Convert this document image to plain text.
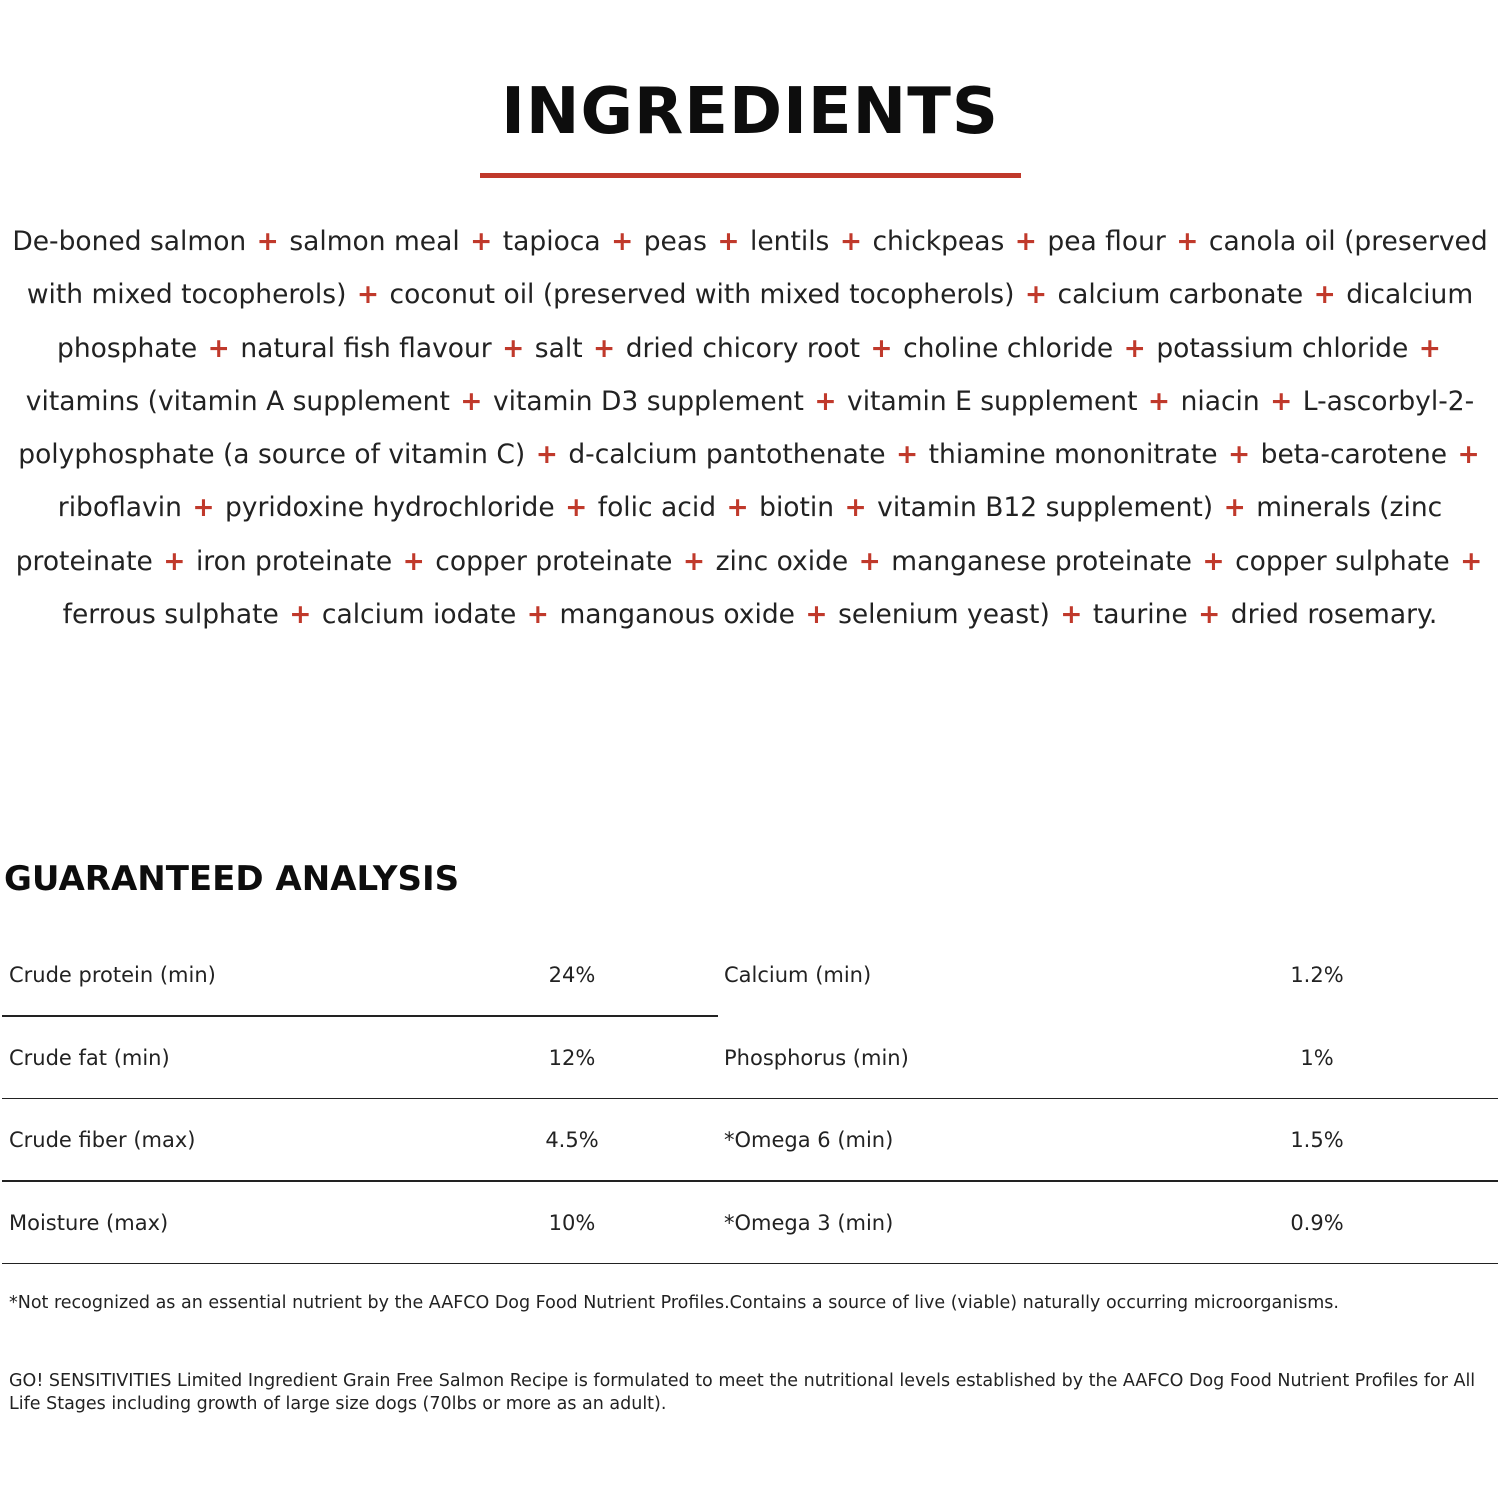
INGREDIENTS

De-boned salmon + salmon meal + tapioca + peas + lentils + chickpeas + pea flour + canola oil (preserved with mixed tocopherols) + coconut oil (preserved with mixed tocopherols) + calcium carbonate + dicalcium phosphate + natural fish flavour + salt + dried chicory root + choline chloride + potassium chloride + vitamins (vitamin A supplement + vitamin D3 supplement + vitamin E supplement + niacin + L-ascorbyl-2-polyphosphate (a source of vitamin C) + d-calcium pantothenate + thiamine mononitrate + beta-carotene + riboflavin + pyridoxine hydrochloride + folic acid + biotin + vitamin B12 supplement) + minerals (zinc proteinate + iron proteinate + copper proteinate + zinc oxide + manganese proteinate + copper sulphate + ferrous sulphate + calcium iodate + manganous oxide + selenium yeast) + taurine + dried rosemary.

GUARANTEED ANALYSIS
Crude protein (min)	24%	Calcium (min)	1.2%
Crude fat (min)	12%	Phosphorus (min)	1%
Crude fiber (max)	4.5%	*Omega 6 (min)	1.5%
Moisture (max)	10%	*Omega 3 (min)	0.9%

*Not recognized as an essential nutrient by the AAFCO Dog Food Nutrient Profiles.Contains a source of live (viable) naturally occurring microorganisms.

GO! SENSITIVITIES Limited Ingredient Grain Free Salmon Recipe is formulated to meet the nutritional levels established by the AAFCO Dog Food Nutrient Profiles for All Life Stages including growth of large size dogs (70lbs or more as an adult).
